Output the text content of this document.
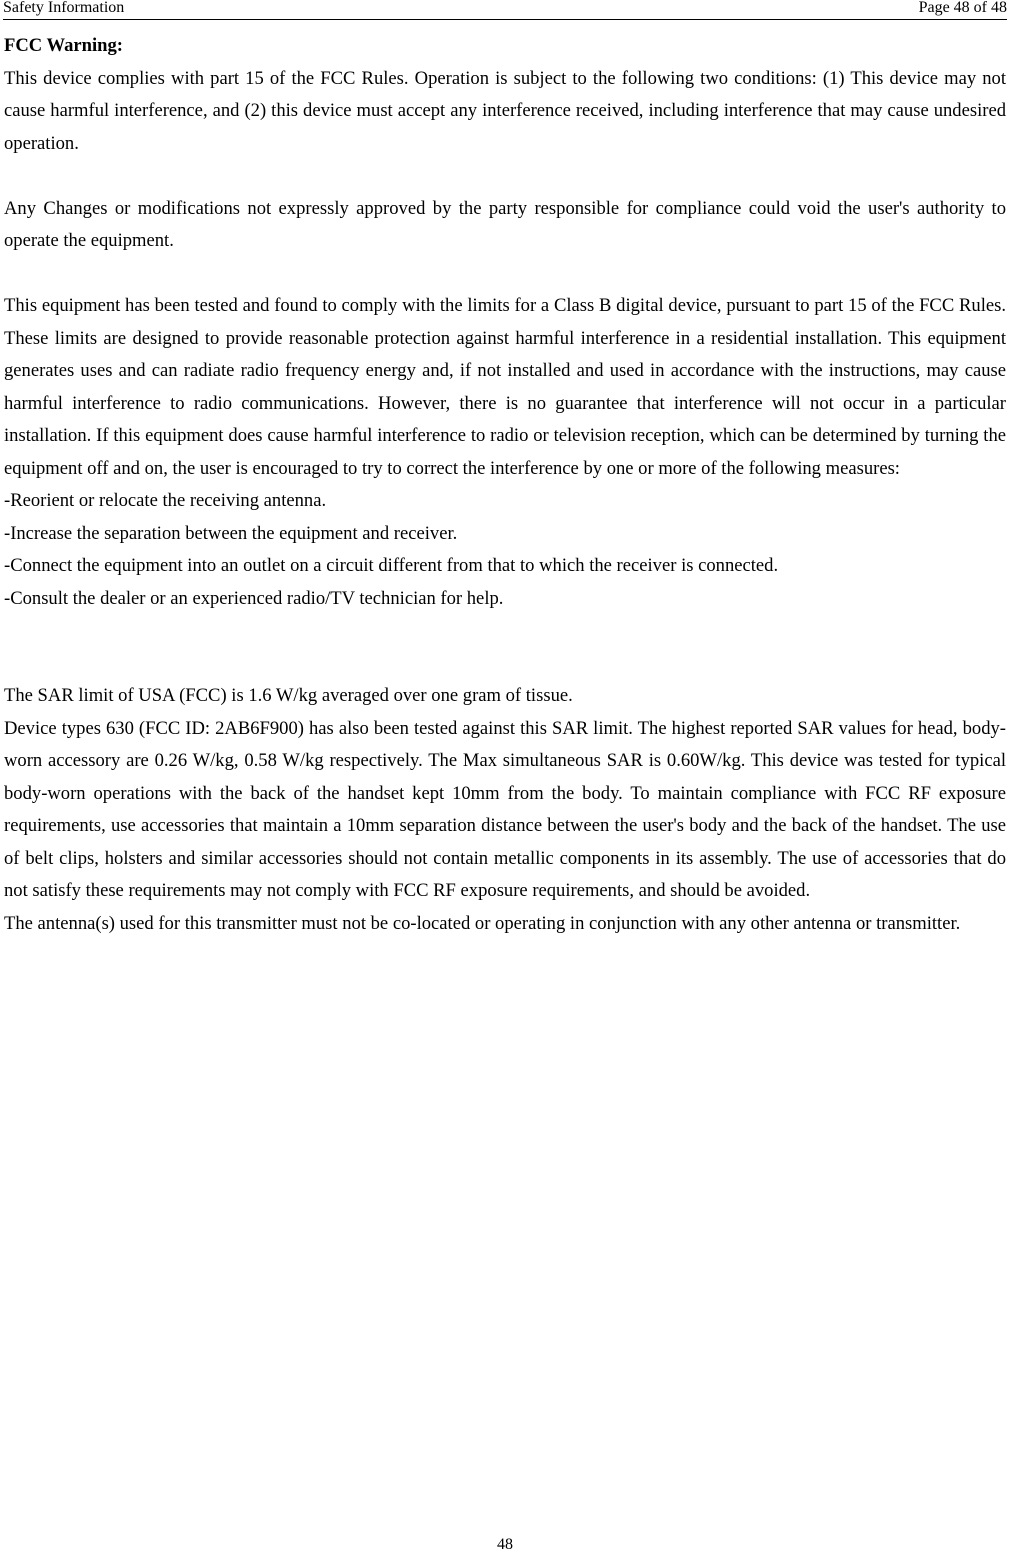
Safety Information	Page 48 of 48

FCC Warning:

This device complies with part 15 of the FCC Rules. Operation is subject to the following two conditions: (1) This device may not cause harmful interference, and (2) this device must accept any interference received, including interference that may cause undesired operation.

Any Changes or modifications not expressly approved by the party responsible for compliance could void the user's authority to operate the equipment.

This equipment has been tested and found to comply with the limits for a Class B digital device, pursuant to part 15 of the FCC Rules. These limits are designed to provide reasonable protection against harmful interference in a residential installation. This equipment generates uses and can radiate radio frequency energy and, if not installed and used in accordance with the instructions, may cause harmful interference to radio communications. However, there is no guarantee that interference will not occur in a particular installation. If this equipment does cause harmful interference to radio or television reception, which can be determined by turning the equipment off and on, the user is encouraged to try to correct the interference by one or more of the following measures:

-Reorient or relocate the receiving antenna.

-Increase the separation between the equipment and receiver.

-Connect the equipment into an outlet on a circuit different from that to which the receiver is connected.

-Consult the dealer or an experienced radio/TV technician for help.

The SAR limit of USA (FCC) is 1.6 W/kg averaged over one gram of tissue.

Device types 630 (FCC ID: 2AB6F900) has also been tested against this SAR limit. The highest reported SAR values for head, body-worn accessory are 0.26 W/kg, 0.58 W/kg respectively. The Max simultaneous SAR is 0.60W/kg. This device was tested for typical body-worn operations with the back of the handset kept 10mm from the body. To maintain compliance with FCC RF exposure requirements, use accessories that maintain a 10mm separation distance between the user's body and the back of the handset. The use of belt clips, holsters and similar accessories should not contain metallic components in its assembly. The use of accessories that do not satisfy these requirements may not comply with FCC RF exposure requirements, and should be avoided.

The antenna(s) used for this transmitter must not be co-located or operating in conjunction with any other antenna or transmitter.

48
